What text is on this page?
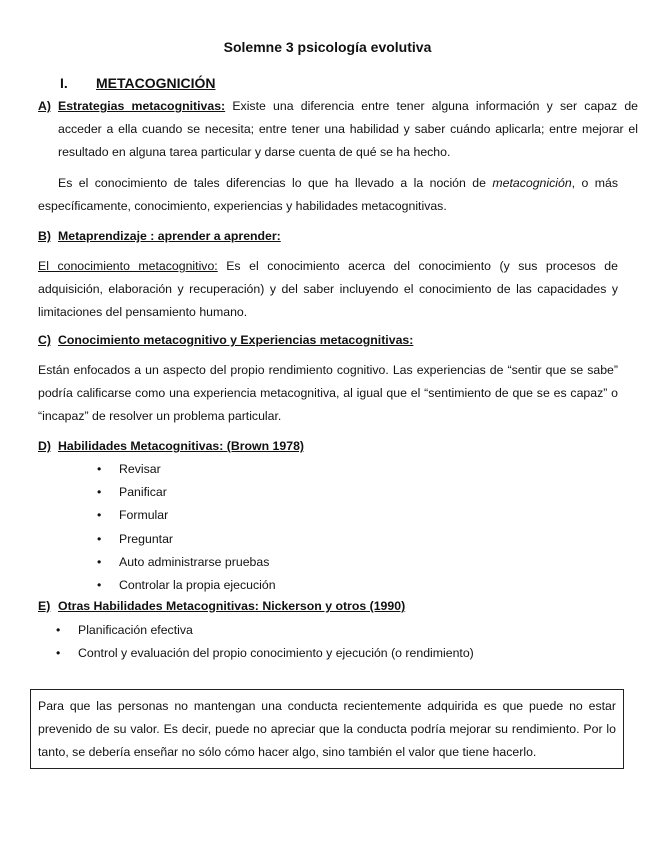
Solemne 3 psicología evolutiva
I. METACOGNICIÓN
A) Estrategias metacognitivas: Existe una diferencia entre tener alguna información y ser capaz de acceder a ella cuando se necesita; entre tener una habilidad y saber cuándo aplicarla; entre mejorar el resultado en alguna tarea particular y darse cuenta de qué se ha hecho.
Es el conocimiento de tales diferencias lo que ha llevado a la noción de metacognición, o más específicamente, conocimiento, experiencias y habilidades metacognitivas.
B) Metaprendizaje : aprender a aprender:
El conocimiento metacognitivo: Es el conocimiento acerca del conocimiento (y sus procesos de adquisición, elaboración y recuperación) y del saber incluyendo el conocimiento de las capacidades y limitaciones del pensamiento humano.
C) Conocimiento metacognitivo y Experiencias metacognitivas:
Están enfocados a un aspecto del propio rendimiento cognitivo. Las experiencias de “sentir que se sabe” podría calificarse como una experiencia metacognitiva, al igual que el “sentimiento de que se es capaz” o “incapaz” de resolver un problema particular.
D) Habilidades Metacognitivas: (Brown 1978)
• Revisar
• Panificar
• Formular
• Preguntar
• Auto administrarse pruebas
• Controlar la propia ejecución
E) Otras Habilidades Metacognitivas: Nickerson y otros (1990)
• Planificación efectiva
• Control y evaluación del propio conocimiento y ejecución (o rendimiento)
Para que las personas no mantengan una conducta recientemente adquirida es que puede no estar prevenido de su valor. Es decir, puede no apreciar que la conducta podría mejorar su rendimiento. Por lo tanto, se debería enseñar no sólo cómo hacer algo, sino también el valor que tiene hacerlo.
